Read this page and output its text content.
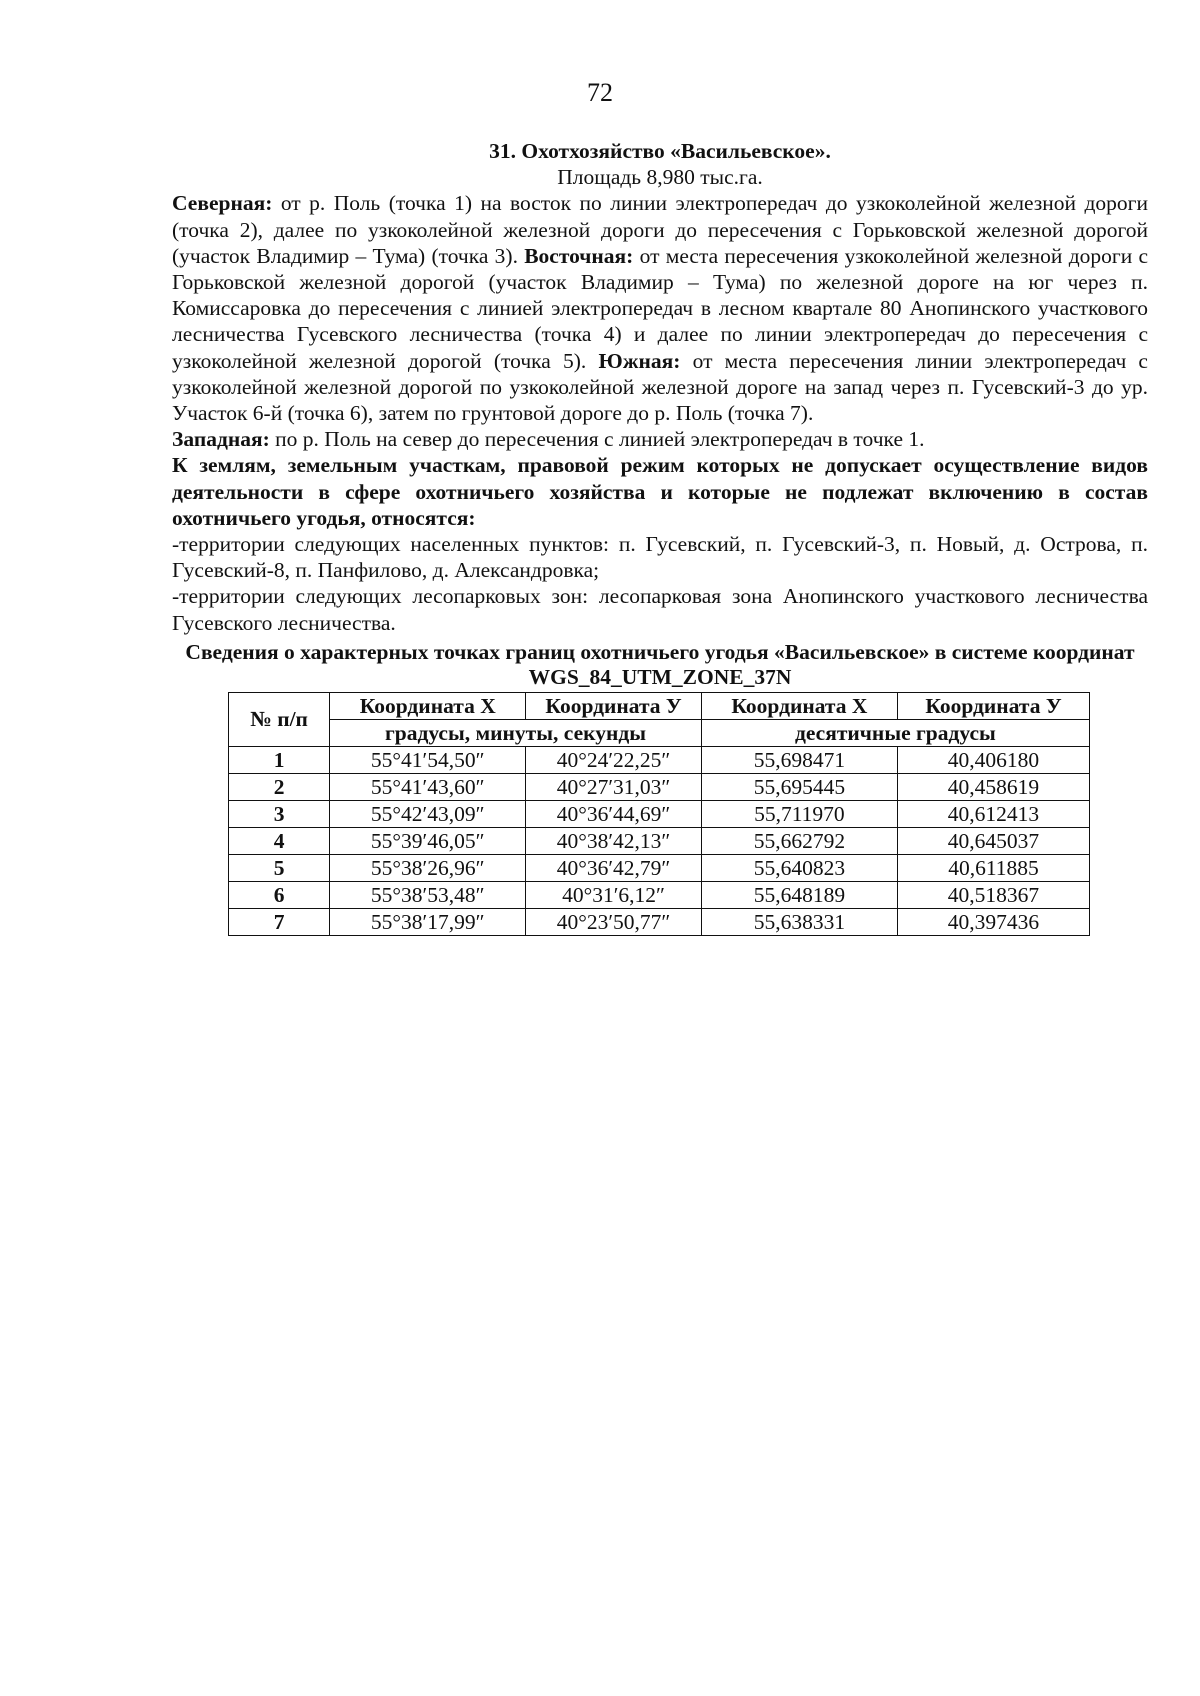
72

31. Охотхозяйство «Васильевское».

Площадь 8,980 тыс.га.

Северная: от р. Поль (точка 1) на восток по линии электропередач до узкоколейной железной дороги (точка 2), далее по узкоколейной железной дороги до пересечения с Горьковской железной дорогой (участок Владимир – Тума) (точка 3). Восточная: от места пересечения узкоколейной железной дороги с Горьковской железной дорогой (участок Владимир – Тума) по железной дороге на юг через п. Комиссаровка до пересечения с линией электропередач в лесном квартале 80 Анопинского участкового лесничества Гусевского лесничества (точка 4) и далее по линии электропередач до пересечения с узкоколейной железной дорогой (точка 5). Южная: от места пересечения линии электропередач с узкоколейной железной дорогой по узкоколейной железной дороге на запад через п. Гусевский-3 до ур. Участок 6-й (точка 6), затем по грунтовой дороге до р. Поль (точка 7).
Западная: по р. Поль на север до пересечения с линией электропередач в точке 1.

К землям, земельным участкам, правовой режим которых не допускает осуществление видов деятельности в сфере охотничьего хозяйства и которые не подлежат включению в состав охотничьего угодья, относятся:

-территории следующих населенных пунктов: п. Гусевский, п. Гусевский-3, п. Новый, д. Острова, п. Гусевский-8, п. Панфилово, д. Александровка;

-территории следующих лесопарковых зон: лесопарковая зона Анопинского участкового лесничества Гусевского лесничества.

Сведения о характерных точках границ охотничьего угодья «Васильевское» в системе координат WGS_84_UTM_ZONE_37N

№ п/п	Координата Х	Координата У	Координата Х	Координата У
	градусы, минуты, секунды		десятичные градусы	
1	55°41′54,50″	40°24′22,25″	55,698471	40,406180
2	55°41′43,60″	40°27′31,03″	55,695445	40,458619
3	55°42′43,09″	40°36′44,69″	55,711970	40,612413
4	55°39′46,05″	40°38′42,13″	55,662792	40,645037
5	55°38′26,96″	40°36′42,79″	55,640823	40,611885
6	55°38′53,48″	40°31′6,12″	55,648189	40,518367
7	55°38′17,99″	40°23′50,77″	55,638331	40,397436
